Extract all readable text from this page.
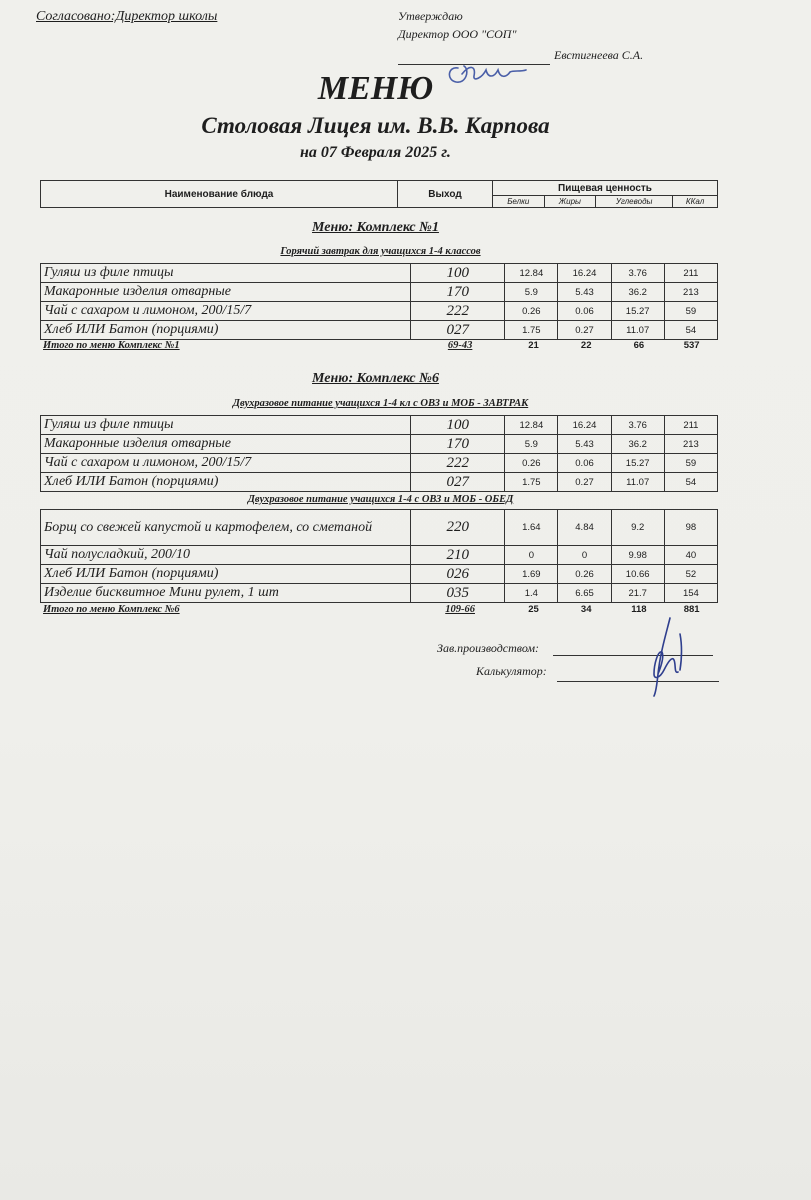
Согласовано:Директор школы	Утверждаю
Директор ООО "СОП"
Евстигнеева С.А.
МЕНЮ
Столовая Лицея им. В.В. Карпова
на 07 Февраля 2025 г.
Наименование блюда	Выход	Пищевая ценность			
		Белки	Жиры	Углеводы	ККал
Меню: Комплекс №1
Горячий завтрак для учащихся 1-4 классов
Гуляш из филе птицы	100	12.84	16.24	3.76	211
Макаронные изделия отварные	170	5.9	5.43	36.2	213
Чай с сахаром и лимоном, 200/15/7	222	0.26	0.06	15.27	59
Хлеб ИЛИ Батон (порциями)	027	1.75	0.27	11.07	54
Итого по меню Комплекс №1	69-43	21	22	66	537
Меню: Комплекс №6
Двухразовое питание учащихся 1-4 кл с ОВЗ и МОБ - ЗАВТРАК
Гуляш из филе птицы	100	12.84	16.24	3.76	211
Макаронные изделия отварные	170	5.9	5.43	36.2	213
Чай с сахаром и лимоном, 200/15/7	222	0.26	0.06	15.27	59
Хлеб ИЛИ Батон (порциями)	027	1.75	0.27	11.07	54
Двухразовое питание учащихся 1-4 с ОВЗ и МОБ - ОБЕД
Борщ со свежей капустой и картофелем, со сметаной	220	1.64	4.84	9.2	98
Чай полусладкий, 200/10	210	0	0	9.98	40
Хлеб ИЛИ Батон (порциями)	026	1.69	0.26	10.66	52
Изделие бисквитное Мини рулет, 1 шт	035	1.4	6.65	21.7	154
Итого по меню Комплекс №6	109-66	25	34	118	881
Зав.производством:
Калькулятор:
